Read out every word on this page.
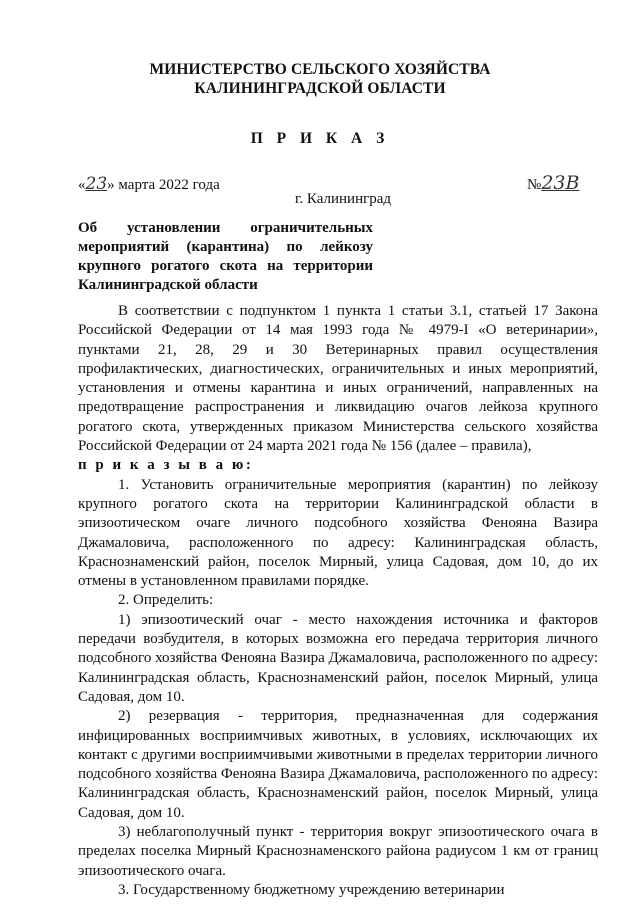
МИНИСТЕРСТВО СЕЛЬСКОГО ХОЗЯЙСТВА
КАЛИНИНГРАДСКОЙ ОБЛАСТИ
П Р И К А З
«23» марта 2022 года	№23В
г. Калининград
Об установлении ограничительных мероприятий (карантина) по лейкозу крупного рогатого скота на территории Калининградской области

В соответствии с подпунктом 1 пункта 1 статьи 3.1, статьей 17 Закона Российской Федерации от 14 мая 1993 года № 4979-I «О ветеринарии», пунктами 21, 28, 29 и 30 Ветеринарных правил осуществления профилактических, диагностических, ограничительных и иных мероприятий, установления и отмены карантина и иных ограничений, направленных на предотвращение распространения и ликвидацию очагов лейкоза крупного рогатого скота, утвержденных приказом Министерства сельского хозяйства Российской Федерации от 24 марта 2021 года № 156 (далее – правила),

п р и к а з ы в а ю:

1. Установить ограничительные мероприятия (карантин) по лейкозу крупного рогатого скота на территории Калининградской области в эпизоотическом очаге личного подсобного хозяйства Фенояна Вазира Джамаловича, расположенного по адресу: Калининградская область, Краснознаменский район, поселок Мирный, улица Садовая, дом 10, до их отмены в установленном правилами порядке.

2. Определить:

1) эпизоотический очаг - место нахождения источника и факторов передачи возбудителя, в которых возможна его передача территория личного подсобного хозяйства Фенояна Вазира Джамаловича, расположенного по адресу: Калининградская область, Краснознаменский район, поселок Мирный, улица Садовая, дом 10.

2) резервация - территория, предназначенная для содержания инфицированных восприимчивых животных, в условиях, исключающих их контакт с другими восприимчивыми животными в пределах территории личного подсобного хозяйства Фенояна Вазира Джамаловича, расположенного по адресу: Калининградская область, Краснознаменский район, поселок Мирный, улица Садовая, дом 10.

3) неблагополучный пункт - территория вокруг эпизоотического очага в пределах поселка Мирный Краснознаменского района радиусом 1 км от границ эпизоотического очага.

3. Государственному бюджетному учреждению ветеринарии
